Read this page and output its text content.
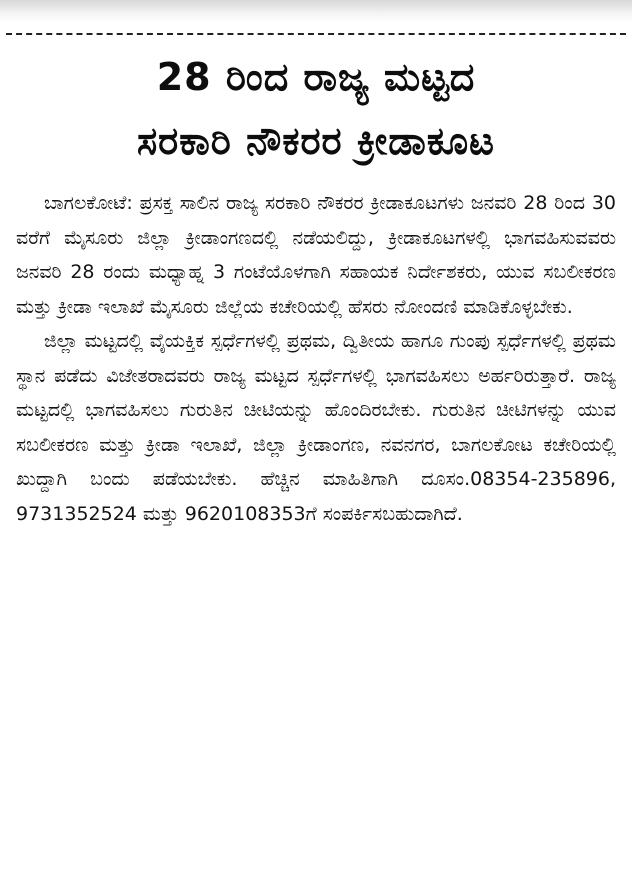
28 ರಿಂದ ರಾಜ್ಯ ಮಟ್ಟದ
ಸರಕಾರಿ ನೌಕರರ ಕ್ರೀಡಾಕೂಟ

ಬಾಗಲಕೋಟೆ: ಪ್ರಸಕ್ತ ಸಾಲಿನ ರಾಜ್ಯ ಸರಕಾರಿ ನೌಕರರ ಕ್ರೀಡಾಕೂಟಗಳು ಜನವರಿ 28 ರಿಂದ 30 ವರೆಗೆ ಮೈಸೂರು ಜಿಲ್ಲಾ ಕ್ರೀಡಾಂಗಣದಲ್ಲಿ ನಡೆಯಲಿದ್ದು, ಕ್ರೀಡಾಕೂಟಗಳಲ್ಲಿ ಭಾಗವಹಿಸುವವರು ಜನವರಿ 28 ರಂದು ಮಧ್ಯಾಹ್ನ 3 ಗಂಟೆಯೊಳಗಾಗಿ ಸಹಾಯಕ ನಿರ್ದೇಶಕರು, ಯುವ ಸಬಲೀಕರಣ ಮತ್ತು ಕ್ರೀಡಾ ಇಲಾಖೆ ಮೈಸೂರು ಜಿಲ್ಲೆಯ ಕಚೇರಿಯಲ್ಲಿ ಹೆಸರು ನೋಂದಣಿ ಮಾಡಿಕೊಳ್ಳಬೇಕು.

ಜಿಲ್ಲಾ ಮಟ್ಟದಲ್ಲಿ ವೈಯಕ್ತಿಕ ಸ್ಪರ್ಧೆಗಳಲ್ಲಿ ಪ್ರಥಮ, ದ್ವಿತೀಯ ಹಾಗೂ ಗುಂಪು ಸ್ಪರ್ಧೆಗಳಲ್ಲಿ ಪ್ರಥಮ ಸ್ಥಾನ ಪಡೆದು ವಿಜೇತರಾದವರು ರಾಜ್ಯ ಮಟ್ಟದ ಸ್ಪರ್ಧೆಗಳಲ್ಲಿ ಭಾಗವಹಿಸಲು ಅರ್ಹರಿರುತ್ತಾರೆ. ರಾಜ್ಯ ಮಟ್ಟದಲ್ಲಿ ಭಾಗವಹಿಸಲು ಗುರುತಿನ ಚೀಟಿಯನ್ನು ಹೊಂದಿರಬೇಕು. ಗುರುತಿನ ಚೀಟಿಗಳನ್ನು ಯುವ ಸಬಲೀಕರಣ ಮತ್ತು ಕ್ರೀಡಾ ಇಲಾಖೆ, ಜಿಲ್ಲಾ ಕ್ರೀಡಾಂಗಣ, ನವನಗರ, ಬಾಗಲಕೋಟ ಕಚೇರಿಯಲ್ಲಿ ಖುದ್ದಾಗಿ ಬಂದು ಪಡೆಯಬೇಕು. ಹೆಚ್ಚಿನ ಮಾಹಿತಿಗಾಗಿ ದೂಸಂ.08354-235896, 9731352524 ಮತ್ತು 9620108353ಗೆ ಸಂಪರ್ಕಿಸಬಹುದಾಗಿದೆ.
